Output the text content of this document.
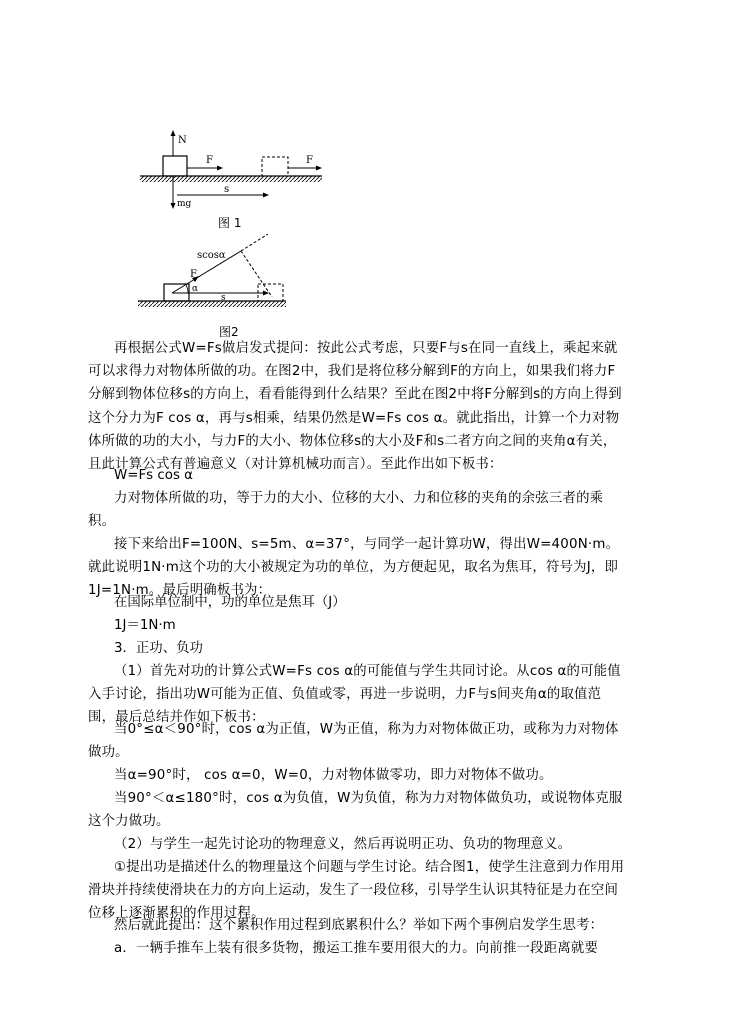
N
F	F
s
mg
scosα
F
α
s
图 1
图2

再根据公式W=Fs做启发式提问：按此公式考虑，只要F与s在同一直线上，乘起来就可以求得力对物体所做的功。在图2中，我们是将位移分解到F的方向上，如果我们将力F分解到物体位移s的方向上，看看能得到什么结果？至此在图2中将F分解到s的方向上得到这个分力为F cos α，再与s相乘，结果仍然是W=Fs cos α。就此指出，计算一个力对物体所做的功的大小，与力F的大小、物体位移s的大小及F和s二者方向之间的夹角α有关，且此计算公式有普遍意义（对计算机械功而言）。至此作出如下板书：

W=Fs cos α

力对物体所做的功，等于力的大小、位移的大小、力和位移的夹角的余弦三者的乘积。

接下来给出F=100N、s=5m、α=37°，与同学一起计算功W，得出W=400N·m。就此说明1N·m这个功的大小被规定为功的单位，为方便起见，取名为焦耳，符号为J，即1J=1N·m。最后明确板书为：

在国际单位制中，功的单位是焦耳（J）
1J＝1N·m
3．正功、负功

（1）首先对功的计算公式W=Fs cos α的可能值与学生共同讨论。从cos α的可能值入手讨论，指出功W可能为正值、负值或零，再进一步说明，力F与s间夹角α的取值范围，最后总结并作如下板书：

当0°≤α＜90°时，cos α为正值，W为正值，称为力对物体做正功，或称为力对物体做功。

当α=90°时， cos α=0，W=0，力对物体做零功，即力对物体不做功。

当90°＜α≤180°时，cos α为负值，W为负值，称为力对物体做负功，或说物体克服这个力做功。

（2）与学生一起先讨论功的物理意义，然后再说明正功、负功的物理意义。

①提出功是描述什么的物理量这个问题与学生讨论。结合图1，使学生注意到力作用用滑块并持续使滑块在力的方向上运动，发生了一段位移，引导学生认识其特征是力在空间位移上逐渐累积的作用过程。

然后就此提出：这个累积作用过程到底累积什么？举如下两个事例启发学生思考：

a．一辆手推车上装有很多货物，搬运工推车要用很大的力。向前推一段距离就要
